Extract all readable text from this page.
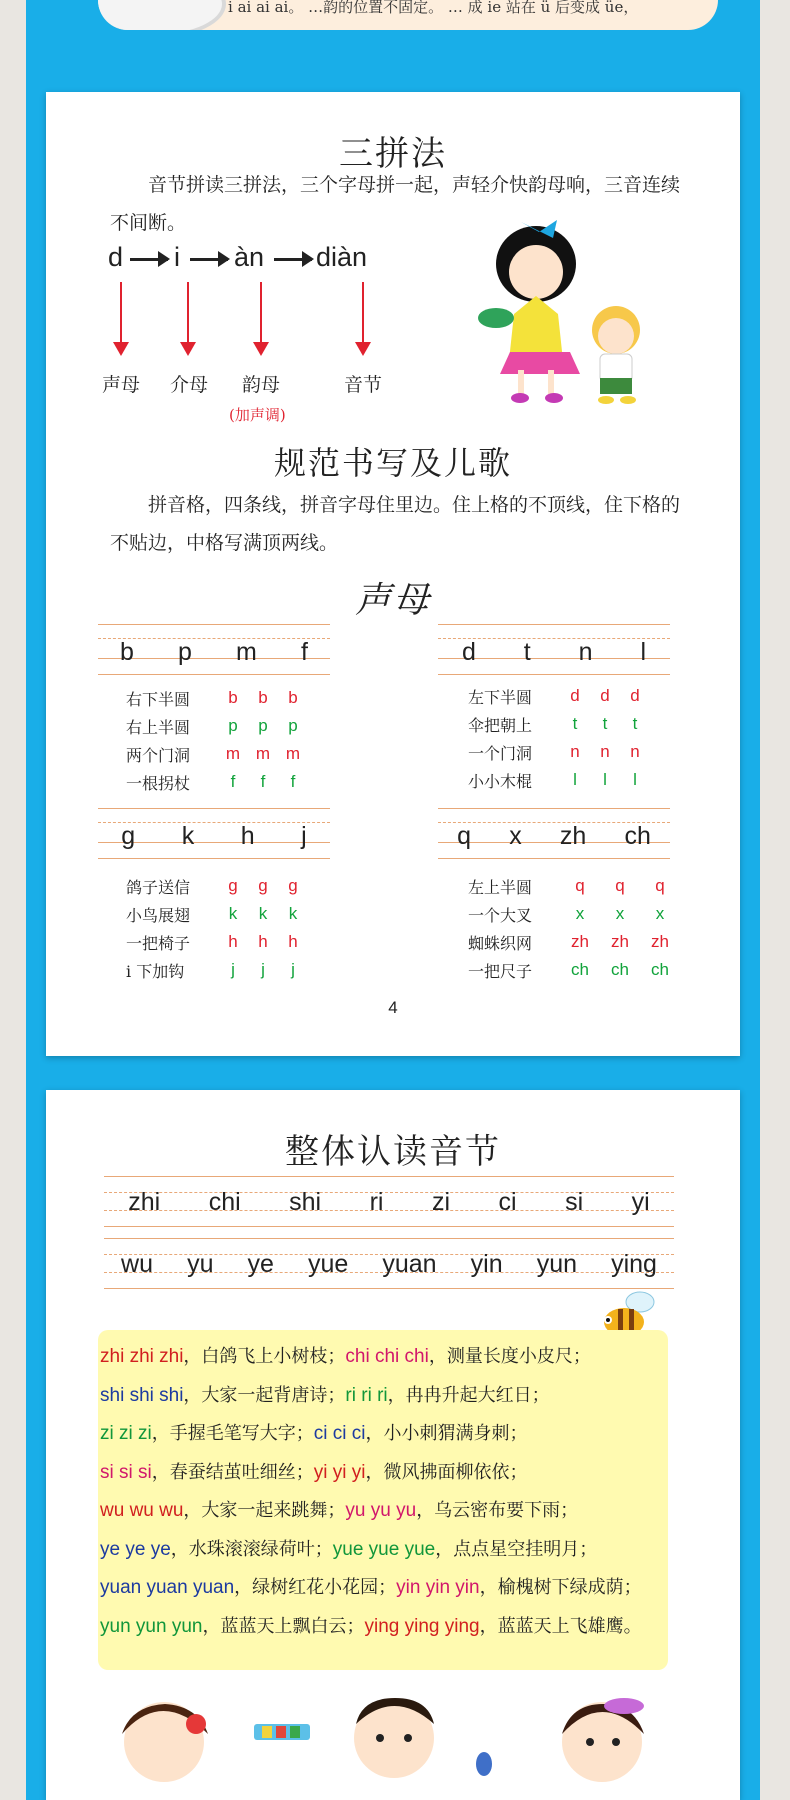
i ai ai ai。 …韵的位置不固定。 … 成 ie 站在 ü 后变成 üe，
三拼法
音节拼读三拼法，三个字母拼一起，声轻介快韵母响，三音连续不间断。
d i àn diàn
声母 介母 韵母	音节
(加声调)
规范书写及儿歌
拼音格，四条线，拼音字母住里边。住上格的不顶线，住下格的不贴边，中格写满顶两线。
声母
b p m f
右下半圆	b	b	b
右上半圆	p	p	p
两个门洞	m m m
一根拐杖	f	f	f
d t n l
左下半圆	d	d	d
伞把朝上	t	t	t
一个门洞	n	n	n
小小木棍	l	l	l
g k h j
鸽子送信	g	g	g
小鸟展翅	k	k	k
一把椅子	h	h	h
i 下加钩	j	j	j
q x zh ch
左上半圆	q	q	q
一个大叉	x	x	x
蜘蛛织网	zh	zh	zh
一把尺子	ch	ch	ch
4
整体认读音节
zhi chi shi ri zi ci si yi
wu yu ye yue yuan yin yun ying
zhi zhi zhi，白鸽飞上小树枝；chi chi chi，测量长度小皮尺；
shi shi shi，大家一起背唐诗；ri ri ri，冉冉升起大红日；
zi zi zi，手握毛笔写大字；ci ci ci，小小刺猬满身刺；
si si si，春蚕结茧吐细丝；yi yi yi，微风拂面柳依依；
wu wu wu，大家一起来跳舞；yu yu yu，乌云密布要下雨；
ye ye ye，水珠滚滚绿荷叶；yue yue yue，点点星空挂明月；
yuan yuan yuan，绿树红花小花园；yin yin yin，榆槐树下绿成荫；
yun yun yun，蓝蓝天上飘白云；ying ying ying，蓝蓝天上飞雄鹰。
